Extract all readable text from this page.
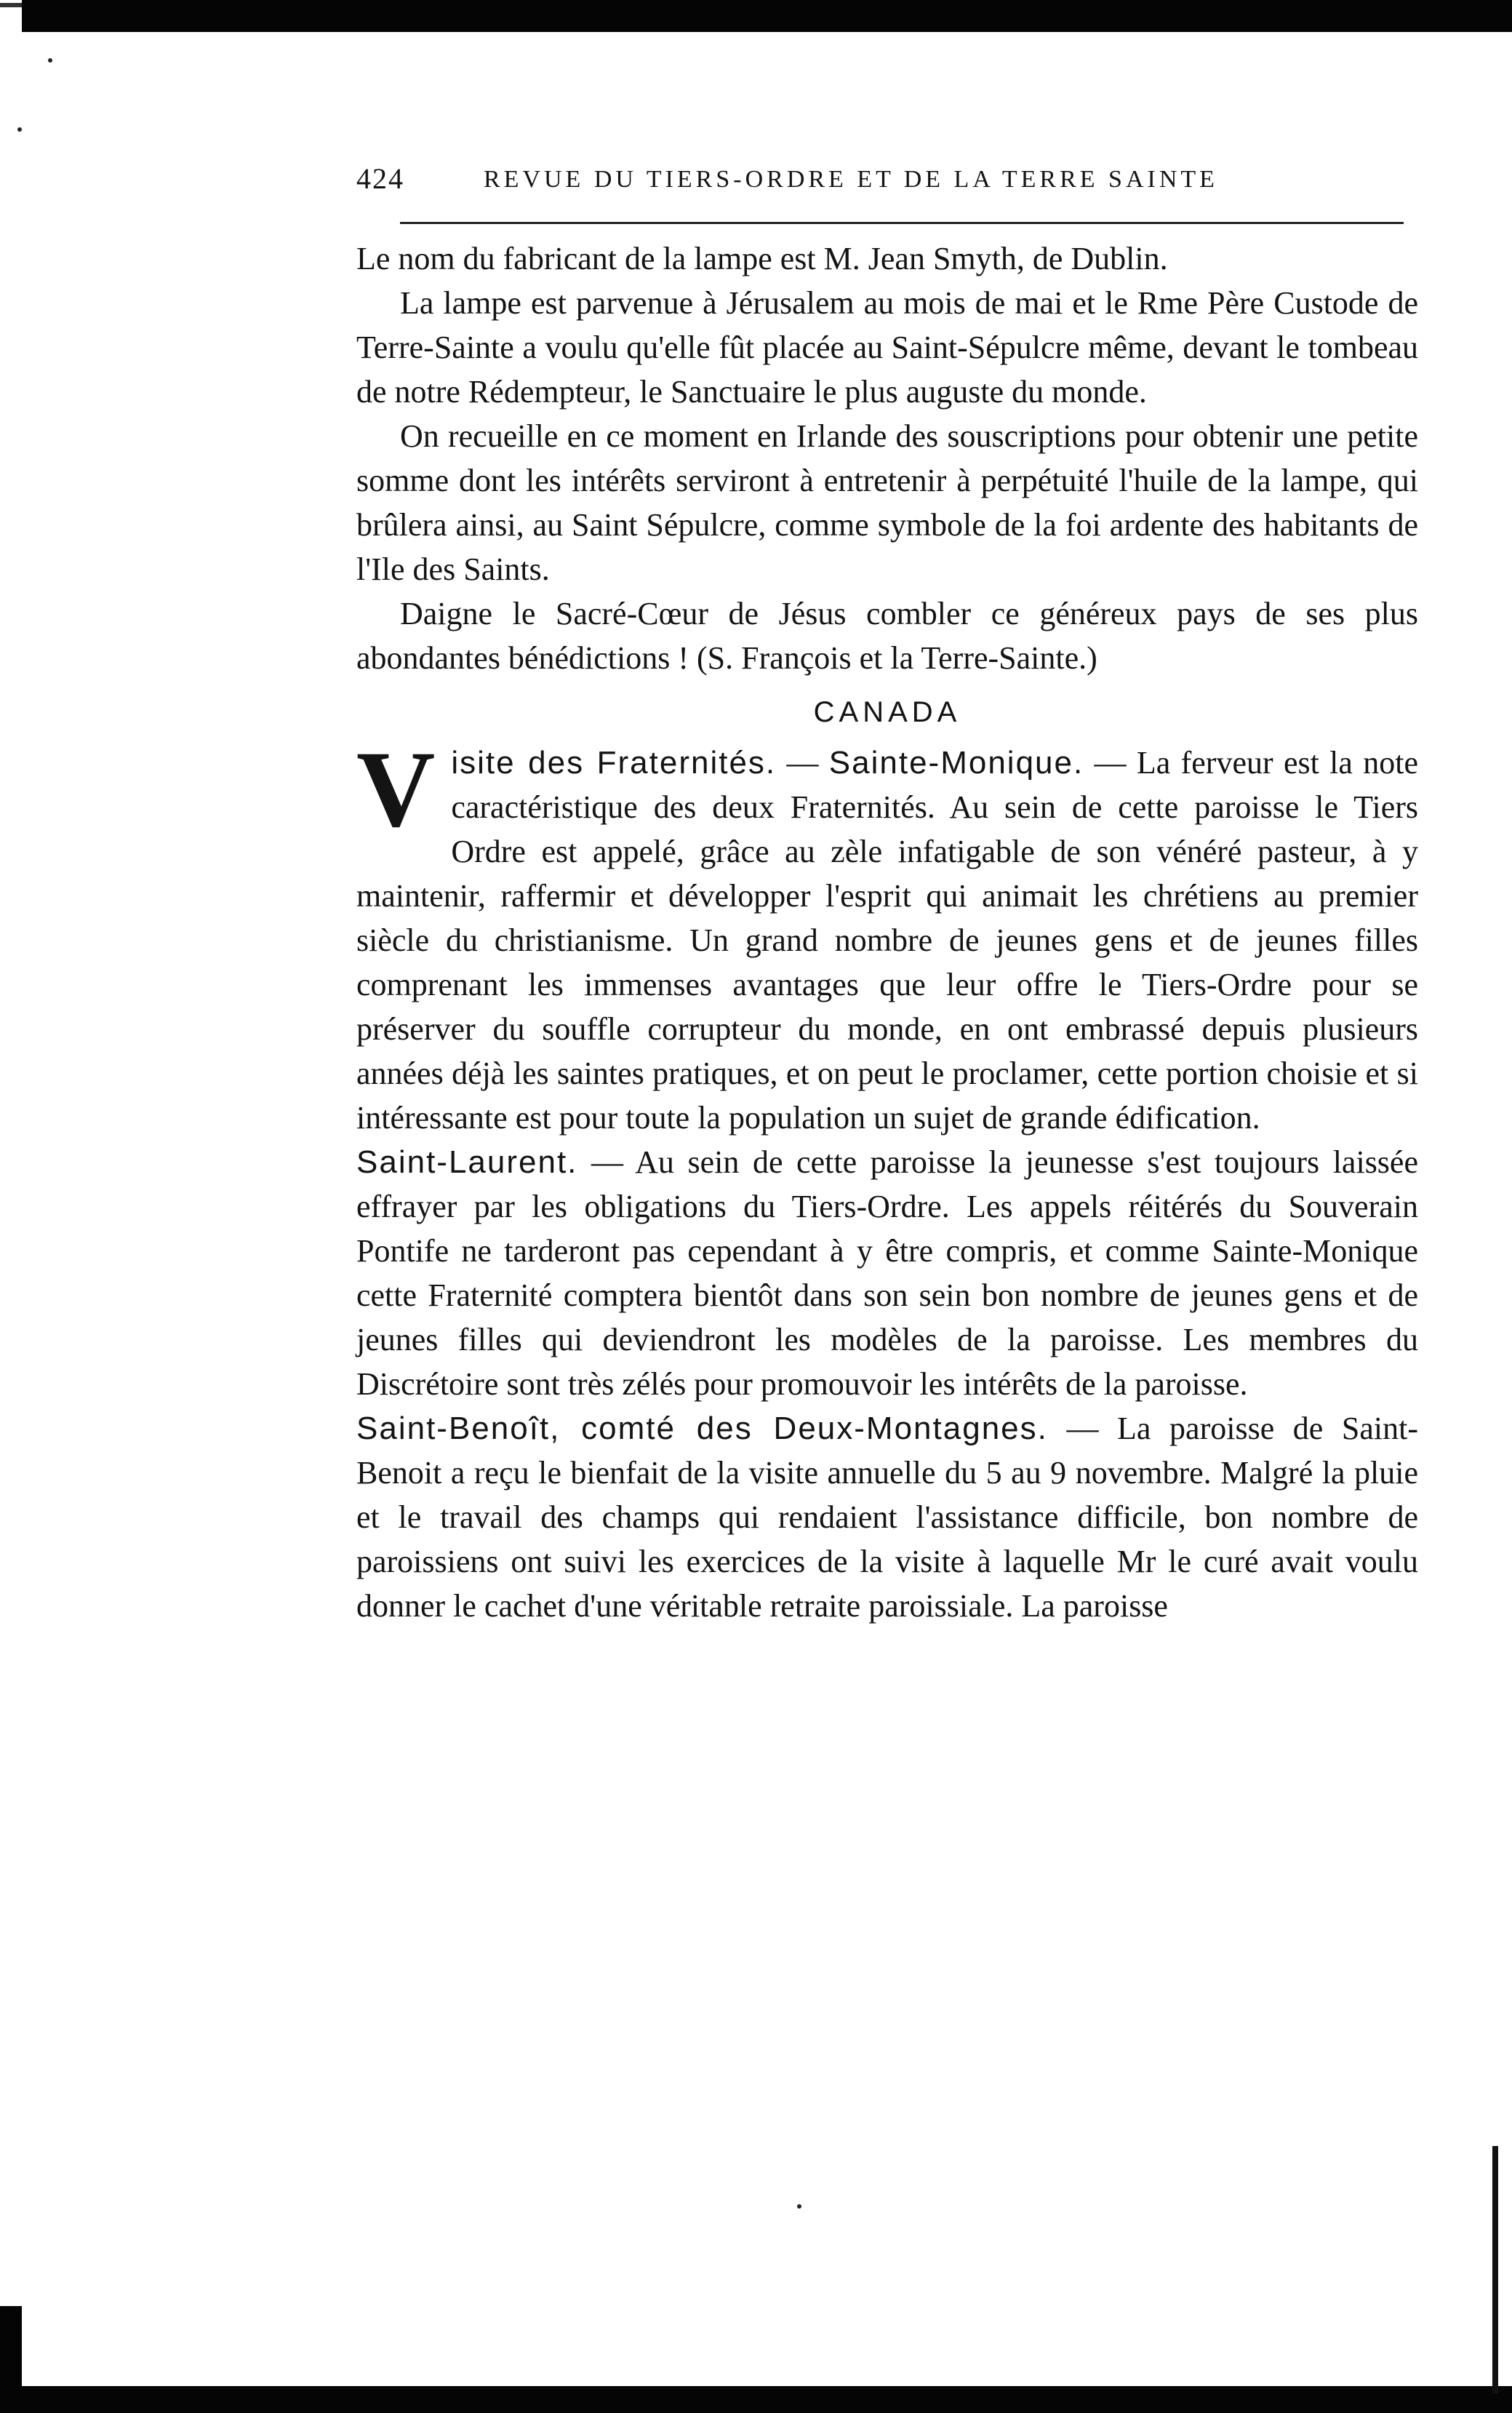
424	REVUE DU TIERS-ORDRE ET DE LA TERRE SAINTE

Le nom du fabricant de la lampe est M. Jean Smyth, de Dublin.

La lampe est parvenue à Jérusalem au mois de mai et le Rme Père Custode de Terre-Sainte a voulu qu'elle fût placée au Saint-Sépulcre même, devant le tombeau de notre Rédempteur, le Sanctuaire le plus auguste du monde.

On recueille en ce moment en Irlande des souscriptions pour obtenir une petite somme dont les intérêts serviront à entretenir à perpétuité l'huile de la lampe, qui brûlera ainsi, au Saint Sépulcre, comme symbole de la foi ardente des habitants de l'Ile des Saints.

Daigne le Sacré-Cœur de Jésus combler ce généreux pays de ses plus abondantes bénédictions ! (S. François et la Terre-Sainte.)

CANADA

V isite des Fraternités. — Sainte-Monique. — La ferveur est la note caractéristique des deux Fraternités. Au sein de cette paroisse le Tiers Ordre est appelé, grâce au zèle infatigable de son vénéré pasteur, à y maintenir, raffermir et développer l'esprit qui animait les chrétiens au premier siècle du christianisme. Un grand nombre de jeunes gens et de jeunes filles comprenant les immenses avantages que leur offre le Tiers-Ordre pour se préserver du souffle corrupteur du monde, en ont embrassé depuis plusieurs années déjà les saintes pratiques, et on peut le proclamer, cette portion choisie et si intéressante est pour toute la population un sujet de grande édification.

Saint-Laurent. — Au sein de cette paroisse la jeunesse s'est toujours laissée effrayer par les obligations du Tiers-Ordre. Les appels réitérés du Souverain Pontife ne tarderont pas cependant à y être compris, et comme Sainte-Monique cette Fraternité comptera bientôt dans son sein bon nombre de jeunes gens et de jeunes filles qui deviendront les modèles de la paroisse. Les membres du Discrétoire sont très zélés pour promouvoir les intérêts de la paroisse.

Saint-Benoît, comté des Deux-Montagnes. — La paroisse de Saint-Benoit a reçu le bienfait de la visite annuelle du 5 au 9 novembre. Malgré la pluie et le travail des champs qui rendaient l'assistance difficile, bon nombre de paroissiens ont suivi les exercices de la visite à laquelle Mr le curé avait voulu donner le cachet d'une véritable retraite paroissiale. La paroisse
